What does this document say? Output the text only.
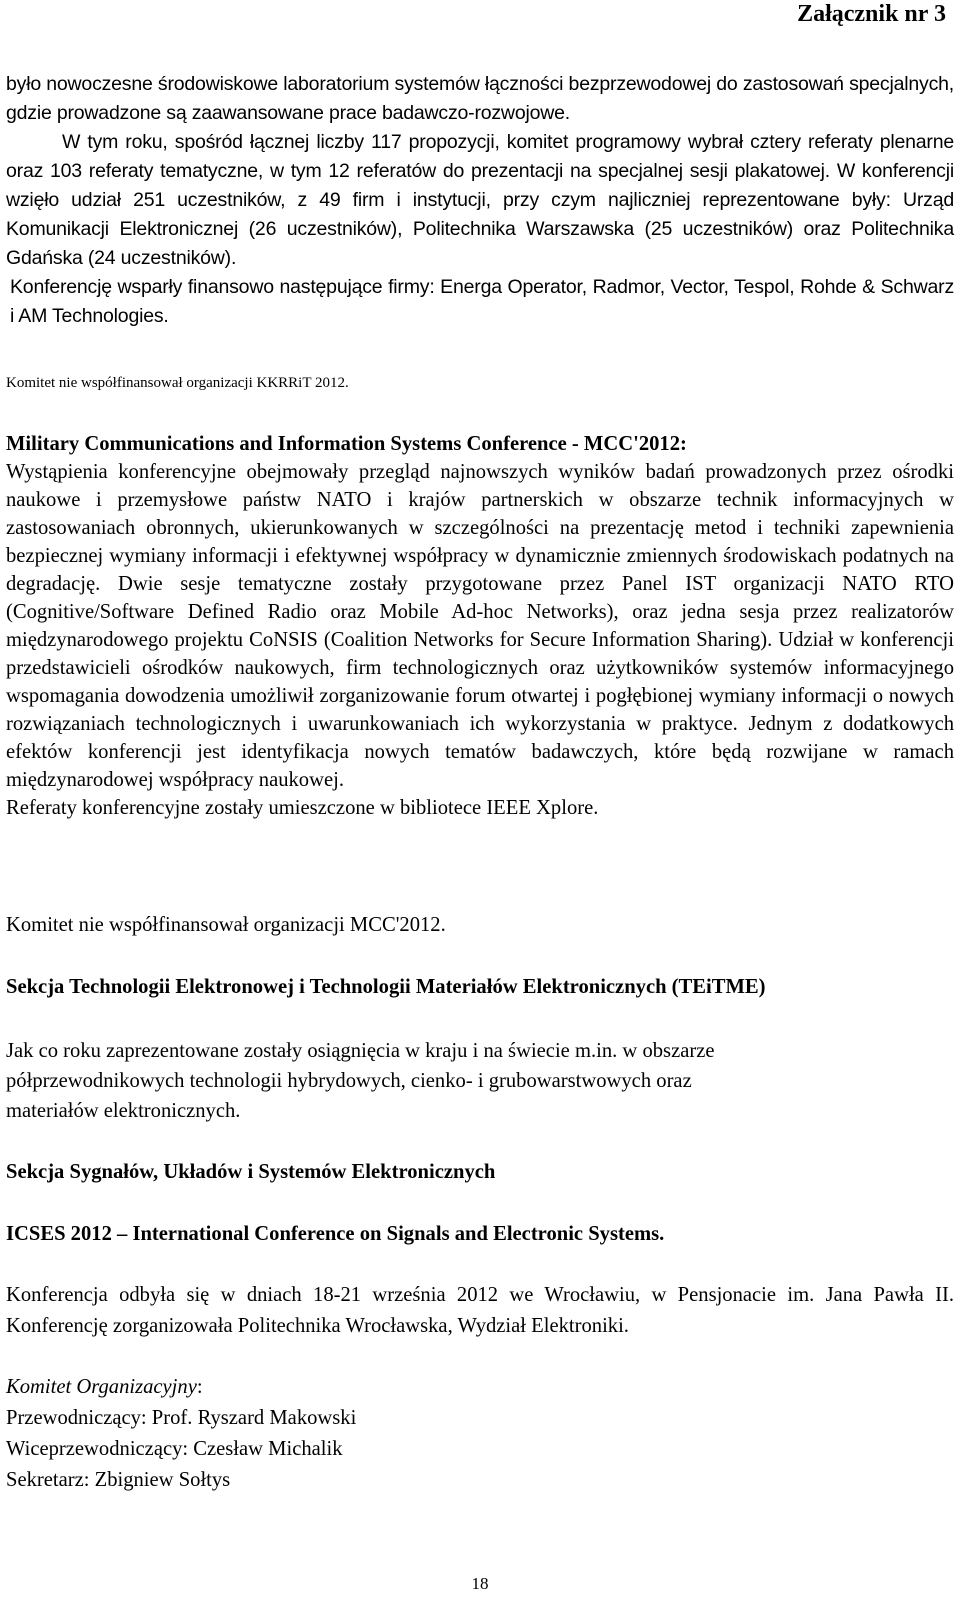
Załącznik nr 3

było nowoczesne środowiskowe laboratorium systemów łączności bezprzewodowej do zastosowań specjalnych, gdzie prowadzone są zaawansowane prace badawczo-rozwojowe.

W tym roku, spośród łącznej liczby 117 propozycji, komitet programowy wybrał cztery referaty plenarne oraz 103 referaty tematyczne, w tym 12 referatów do prezentacji na specjalnej sesji plakatowej. W konferencji wzięło udział 251 uczestników, z 49 firm i instytucji, przy czym najliczniej reprezentowane były: Urząd Komunikacji Elektronicznej (26 uczestników), Politechnika Warszawska (25 uczestników) oraz Politechnika Gdańska (24 uczestników).

Konferencję wsparły finansowo następujące firmy: Energa Operator, Radmor, Vector, Tespol, Rohde & Schwarz i AM Technologies.

Komitet nie współfinansował organizacji KKRRiT 2012.
Military Communications and Information Systems Conference - MCC'2012:

Wystąpienia konferencyjne obejmowały przegląd najnowszych wyników badań prowadzonych przez ośrodki naukowe i przemysłowe państw NATO i krajów partnerskich w obszarze technik informacyjnych w zastosowaniach obronnych, ukierunkowanych w szczególności na prezentację metod i techniki zapewnienia bezpiecznej wymiany informacji i efektywnej współpracy w dynamicznie zmiennych środowiskach podatnych na degradację. Dwie sesje tematyczne zostały przygotowane przez Panel IST organizacji NATO RTO (Cognitive/Software Defined Radio oraz Mobile Ad-hoc Networks), oraz jedna sesja przez realizatorów międzynarodowego projektu CoNSIS (Coalition Networks for Secure Information Sharing). Udział w konferencji przedstawicieli ośrodków naukowych, firm technologicznych oraz użytkowników systemów informacyjnego wspomagania dowodzenia umożliwił zorganizowanie forum otwartej i pogłębionej wymiany informacji o nowych rozwiązaniach technologicznych i uwarunkowaniach ich wykorzystania w praktyce. Jednym z dodatkowych efektów konferencji jest identyfikacja nowych tematów badawczych, które będą rozwijane w ramach międzynarodowej współpracy naukowej.

Referaty konferencyjne zostały umieszczone w bibliotece IEEE Xplore.

Komitet nie współfinansował organizacji MCC'2012.
Sekcja Technologii Elektronowej i Technologii Materiałów Elektronicznych (TEiTME)
Jak co roku zaprezentowane zostały osiągnięcia w kraju i na świecie m.in. w obszarze
półprzewodnikowych technologii hybrydowych, cienko- i grubowarstwowych oraz
materiałów elektronicznych.
Sekcja Sygnałów, Układów i Systemów Elektronicznych
ICSES 2012 – International Conference on Signals and Electronic Systems.
Konferencja odbyła się w dniach 18-21 września 2012 we Wrocławiu, w Pensjonacie im. Jana Pawła II. Konferencję zorganizowała Politechnika Wrocławska, Wydział Elektroniki.
Komitet Organizacyjny:
Przewodniczący: Prof. Ryszard Makowski
Wiceprzewodniczący: Czesław Michalik
Sekretarz: Zbigniew Sołtys
18
